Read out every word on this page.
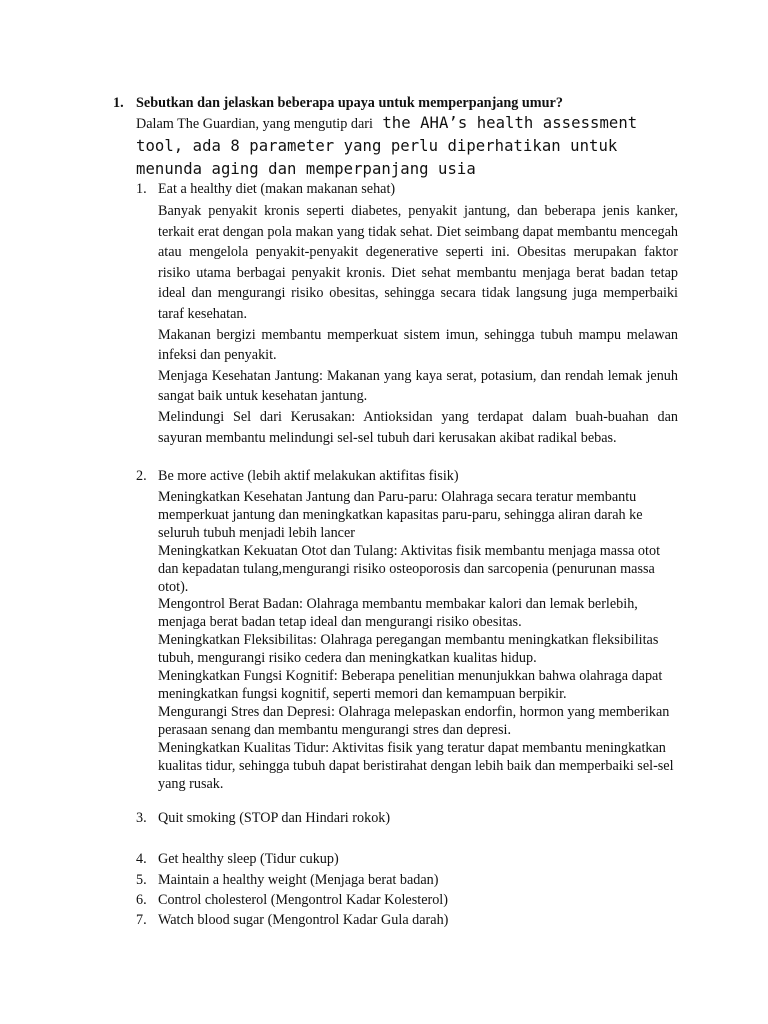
1. Sebutkan dan jelaskan beberapa upaya untuk memperpanjang umur?
Dalam The Guardian, yang mengutip dari the AHA’s health assessment tool, ada 8 parameter yang perlu diperhatikan untuk menunda aging dan memperpanjang usia
1. Eat a healthy diet (makan makanan sehat)

Banyak penyakit kronis seperti diabetes, penyakit jantung, dan beberapa jenis kanker, terkait erat dengan pola makan yang tidak sehat. Diet seimbang dapat membantu mencegah atau mengelola penyakit-penyakit degenerative seperti ini. Obesitas merupakan faktor risiko utama berbagai penyakit kronis. Diet sehat membantu menjaga berat badan tetap ideal dan mengurangi risiko obesitas, sehingga secara tidak langsung juga memperbaiki taraf kesehatan.

Makanan bergizi membantu memperkuat sistem imun, sehingga tubuh mampu melawan infeksi dan penyakit.

Menjaga Kesehatan Jantung: Makanan yang kaya serat, potasium, dan rendah lemak jenuh sangat baik untuk kesehatan jantung.

Melindungi Sel dari Kerusakan: Antioksidan yang terdapat dalam buah-buahan dan sayuran membantu melindungi sel-sel tubuh dari kerusakan akibat radikal bebas.

2. Be more active (lebih aktif melakukan aktifitas fisik)

Meningkatkan Kesehatan Jantung dan Paru-paru: Olahraga secara teratur membantu memperkuat jantung dan meningkatkan kapasitas paru-paru, sehingga aliran darah ke seluruh tubuh menjadi lebih lancer

Meningkatkan Kekuatan Otot dan Tulang: Aktivitas fisik membantu menjaga massa otot dan kepadatan tulang,mengurangi risiko osteoporosis dan sarcopenia (penurunan massa otot).

Mengontrol Berat Badan: Olahraga membantu membakar kalori dan lemak berlebih, menjaga berat badan tetap ideal dan mengurangi risiko obesitas.

Meningkatkan Fleksibilitas: Olahraga peregangan membantu meningkatkan fleksibilitas tubuh, mengurangi risiko cedera dan meningkatkan kualitas hidup.

Meningkatkan Fungsi Kognitif: Beberapa penelitian menunjukkan bahwa olahraga dapat meningkatkan fungsi kognitif, seperti memori dan kemampuan berpikir.

Mengurangi Stres dan Depresi: Olahraga melepaskan endorfin, hormon yang memberikan perasaan senang dan membantu mengurangi stres dan depresi.

Meningkatkan Kualitas Tidur: Aktivitas fisik yang teratur dapat membantu meningkatkan kualitas tidur, sehingga tubuh dapat beristirahat dengan lebih baik dan memperbaiki sel-sel yang rusak.

3. Quit smoking (STOP dan Hindari rokok)
4. Get healthy sleep (Tidur cukup)
5. Maintain a healthy weight (Menjaga berat badan)
6. Control cholesterol (Mengontrol Kadar Kolesterol)
7. Watch blood sugar (Mengontrol Kadar Gula darah)
